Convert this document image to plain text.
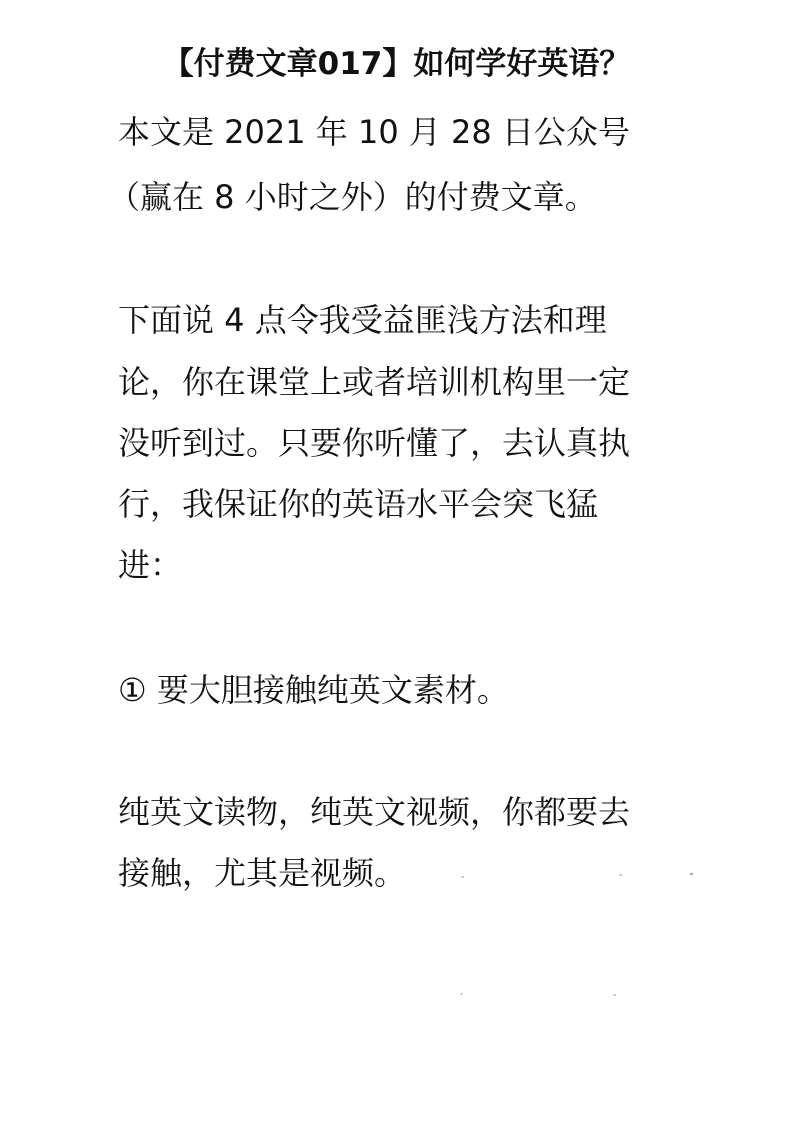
【付费文章017】如何学好英语？
本文是 2021 年 10 月 28 日公众号
（赢在 8 小时之外）的付费文章。
下面说 4 点令我受益匪浅方法和理
论，你在课堂上或者培训机构里一定
没听到过。只要你听懂了，去认真执
行，我保证你的英语水平会突飞猛
进：
① 要大胆接触纯英文素材。
纯英文读物，纯英文视频，你都要去
接触，尤其是视频。
